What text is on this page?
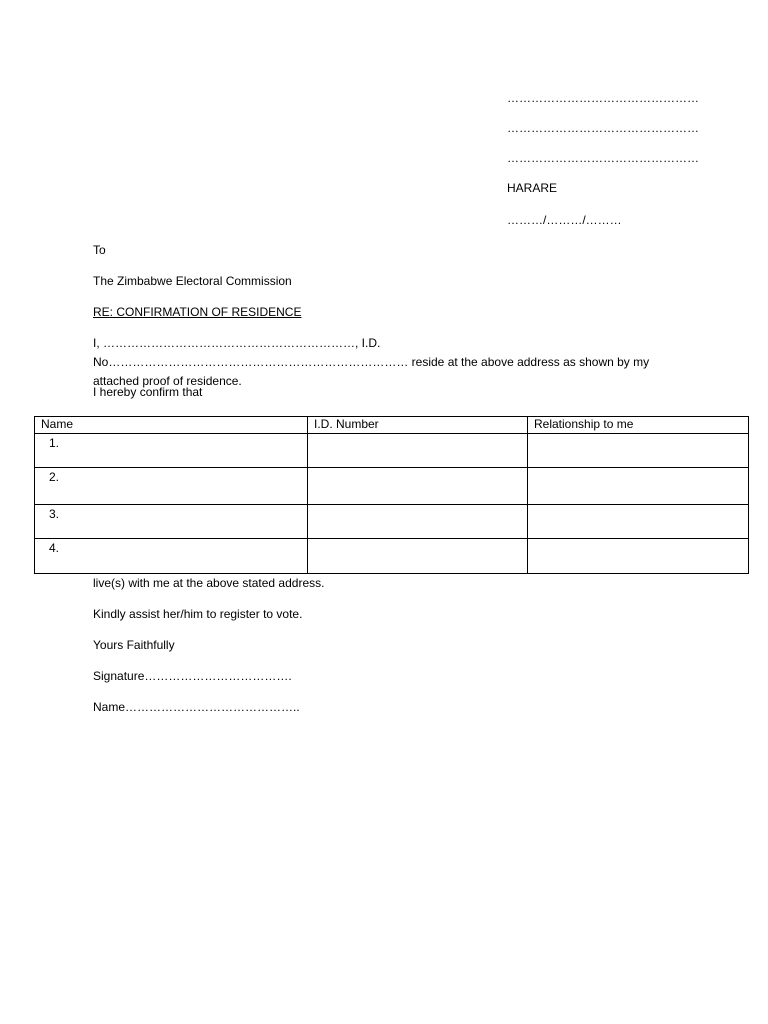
…………………………………………
…………………………………………
…………………………………………
HARARE
………/………/………
To
The Zimbabwe Electoral Commission
RE: CONFIRMATION OF RESIDENCE
I, ………………………………………………………, I.D. No………………………………………………………………… reside at the above address as shown by my attached proof of residence.
I hereby confirm that
Name	I.D. Number	Relationship to me
1.		
2.		
3.		
4.		
live(s) with me at the above stated address.
Kindly assist her/him to register to vote.
Yours Faithfully
Signature……………………………….
Name……………………………………..
